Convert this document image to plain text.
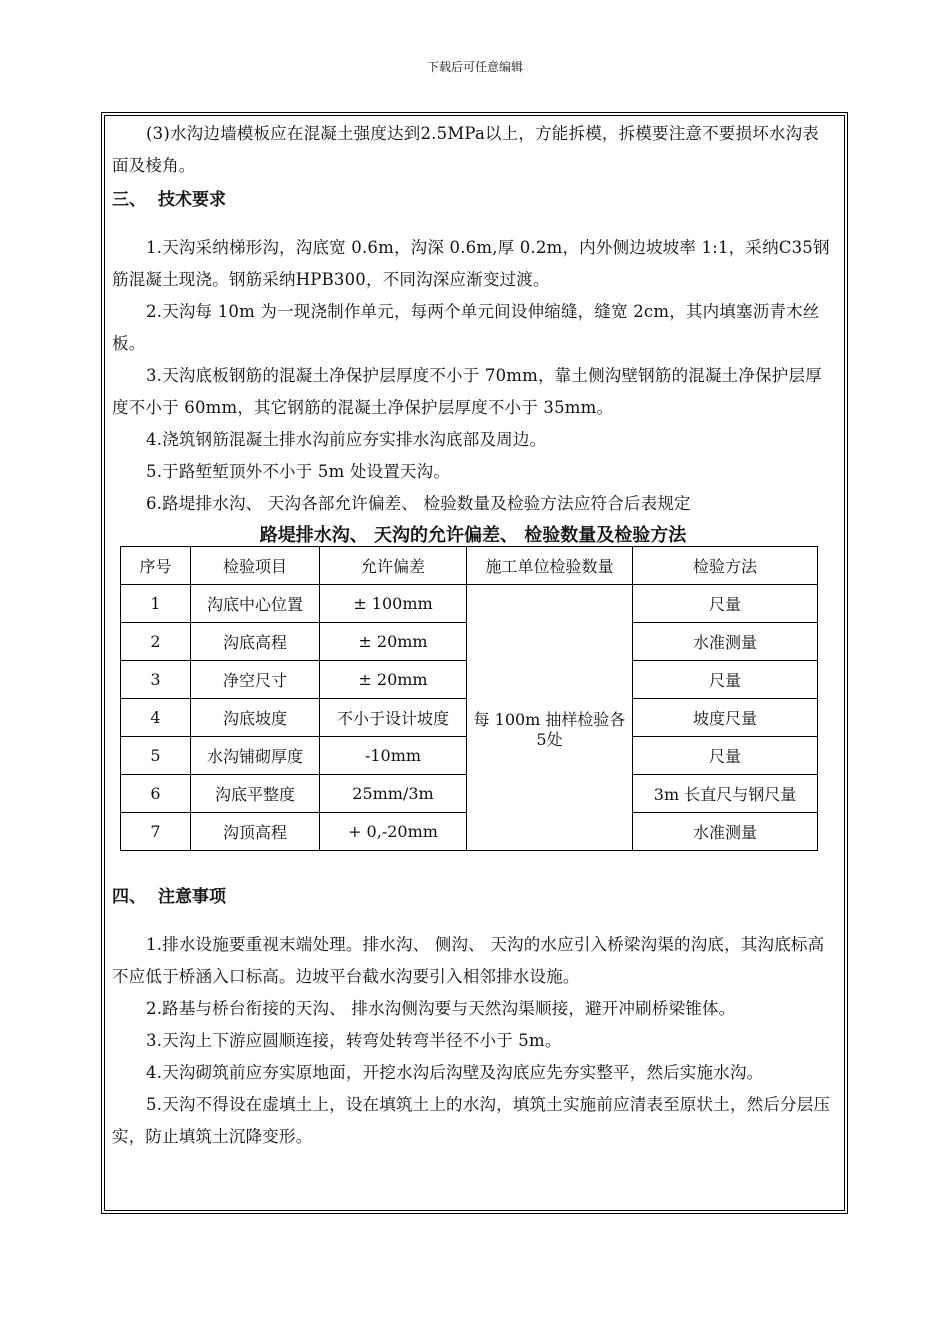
下载后可任意编辑

(3)水沟边墙模板应在混凝土强度达到2.5MPa以上，方能拆模，拆模要注意不要损坏水沟表面及棱角。

三、 技术要求

1.天沟采纳梯形沟，沟底宽 0.6m，沟深 0.6m,厚 0.2m，内外侧边坡坡率 1:1，采纳C35钢筋混凝土现浇。钢筋采纳HPB300，不同沟深应渐变过渡。

2.天沟每 10m 为一现浇制作单元，每两个单元间设伸缩缝，缝宽 2cm，其内填塞沥青木丝板。

3.天沟底板钢筋的混凝土净保护层厚度不小于 70mm，靠土侧沟壁钢筋的混凝土净保护层厚度不小于 60mm，其它钢筋的混凝土净保护层厚度不小于 35mm。

4.浇筑钢筋混凝土排水沟前应夯实排水沟底部及周边。

5.于路堑堑顶外不小于 5m 处设置天沟。

6.路堤排水沟、 天沟各部允许偏差、 检验数量及检验方法应符合后表规定

路堤排水沟、 天沟的允许偏差、 检验数量及检验方法
序号	检验项目	允许偏差	施工单位检验数量	检验方法
1	沟底中心位置	± 100mm	每 100m 抽样检验各 5处	尺量
2	沟底高程	± 20mm		水准测量
3	净空尺寸	± 20mm		尺量
4	沟底坡度	不小于设计坡度		坡度尺量
5	水沟铺砌厚度	-10mm		尺量
6	沟底平整度	25mm/3m		3m 长直尺与钢尺量
7	沟顶高程	+ 0,-20mm		水准测量
四、 注意事项

1.排水设施要重视末端处理。排水沟、 侧沟、 天沟的水应引入桥梁沟渠的沟底，其沟底标高不应低于桥涵入口标高。边坡平台截水沟要引入相邻排水设施。

2.路基与桥台衔接的天沟、 排水沟侧沟要与天然沟渠顺接，避开冲刷桥梁锥体。

3.天沟上下游应圆顺连接，转弯处转弯半径不小于 5m。

4.天沟砌筑前应夯实原地面，开挖水沟后沟壁及沟底应先夯实整平，然后实施水沟。

5.天沟不得设在虚填土上，设在填筑土上的水沟，填筑土实施前应清表至原状土，然后分层压实，防止填筑土沉降变形。
